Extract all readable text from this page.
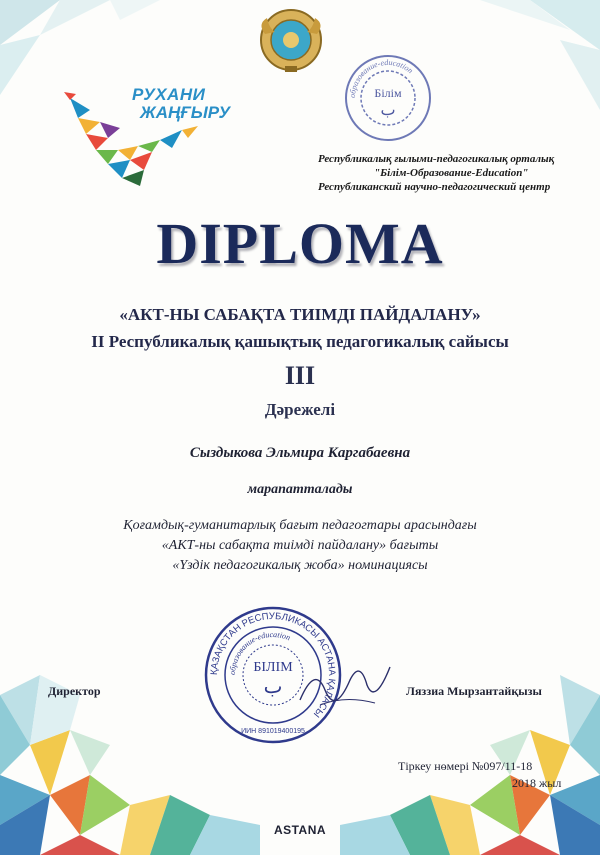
РУХАНИ
ЖАҢҒЫРУ
образование-education
Білім
ب
Республикалық ғылыми-педагогикалық орталық
"Білім-Образование-Education"
Республиканский научно-педагогический центр
DIPLOMA
«АКТ-НЫ САБАҚТА ТИІМДІ ПАЙДАЛАНУ»
II Республикалық қашықтық педагогикалық сайысы
III
Дәрежелі
Сыздыкова Эльмира Каргабаевна
марапатталады
Қоғамдық-гуманитарлық бағыт педагогтары арасындағы
«АКТ-ны сабақта тиімді пайдалану» бағыты
«Үздік педагогикалық жоба» номинациясы
ҚАЗАҚСТАН РЕСПУБЛИКАСЫ АСТАНА ҚАЛАСЫ
образование-education
БІЛІМ
ب
ИИН 891019400195
Директор	Ляззиа Мырзантайқызы
Тіркеу нөмері №097/11-18
2018 жыл
ASTANA
